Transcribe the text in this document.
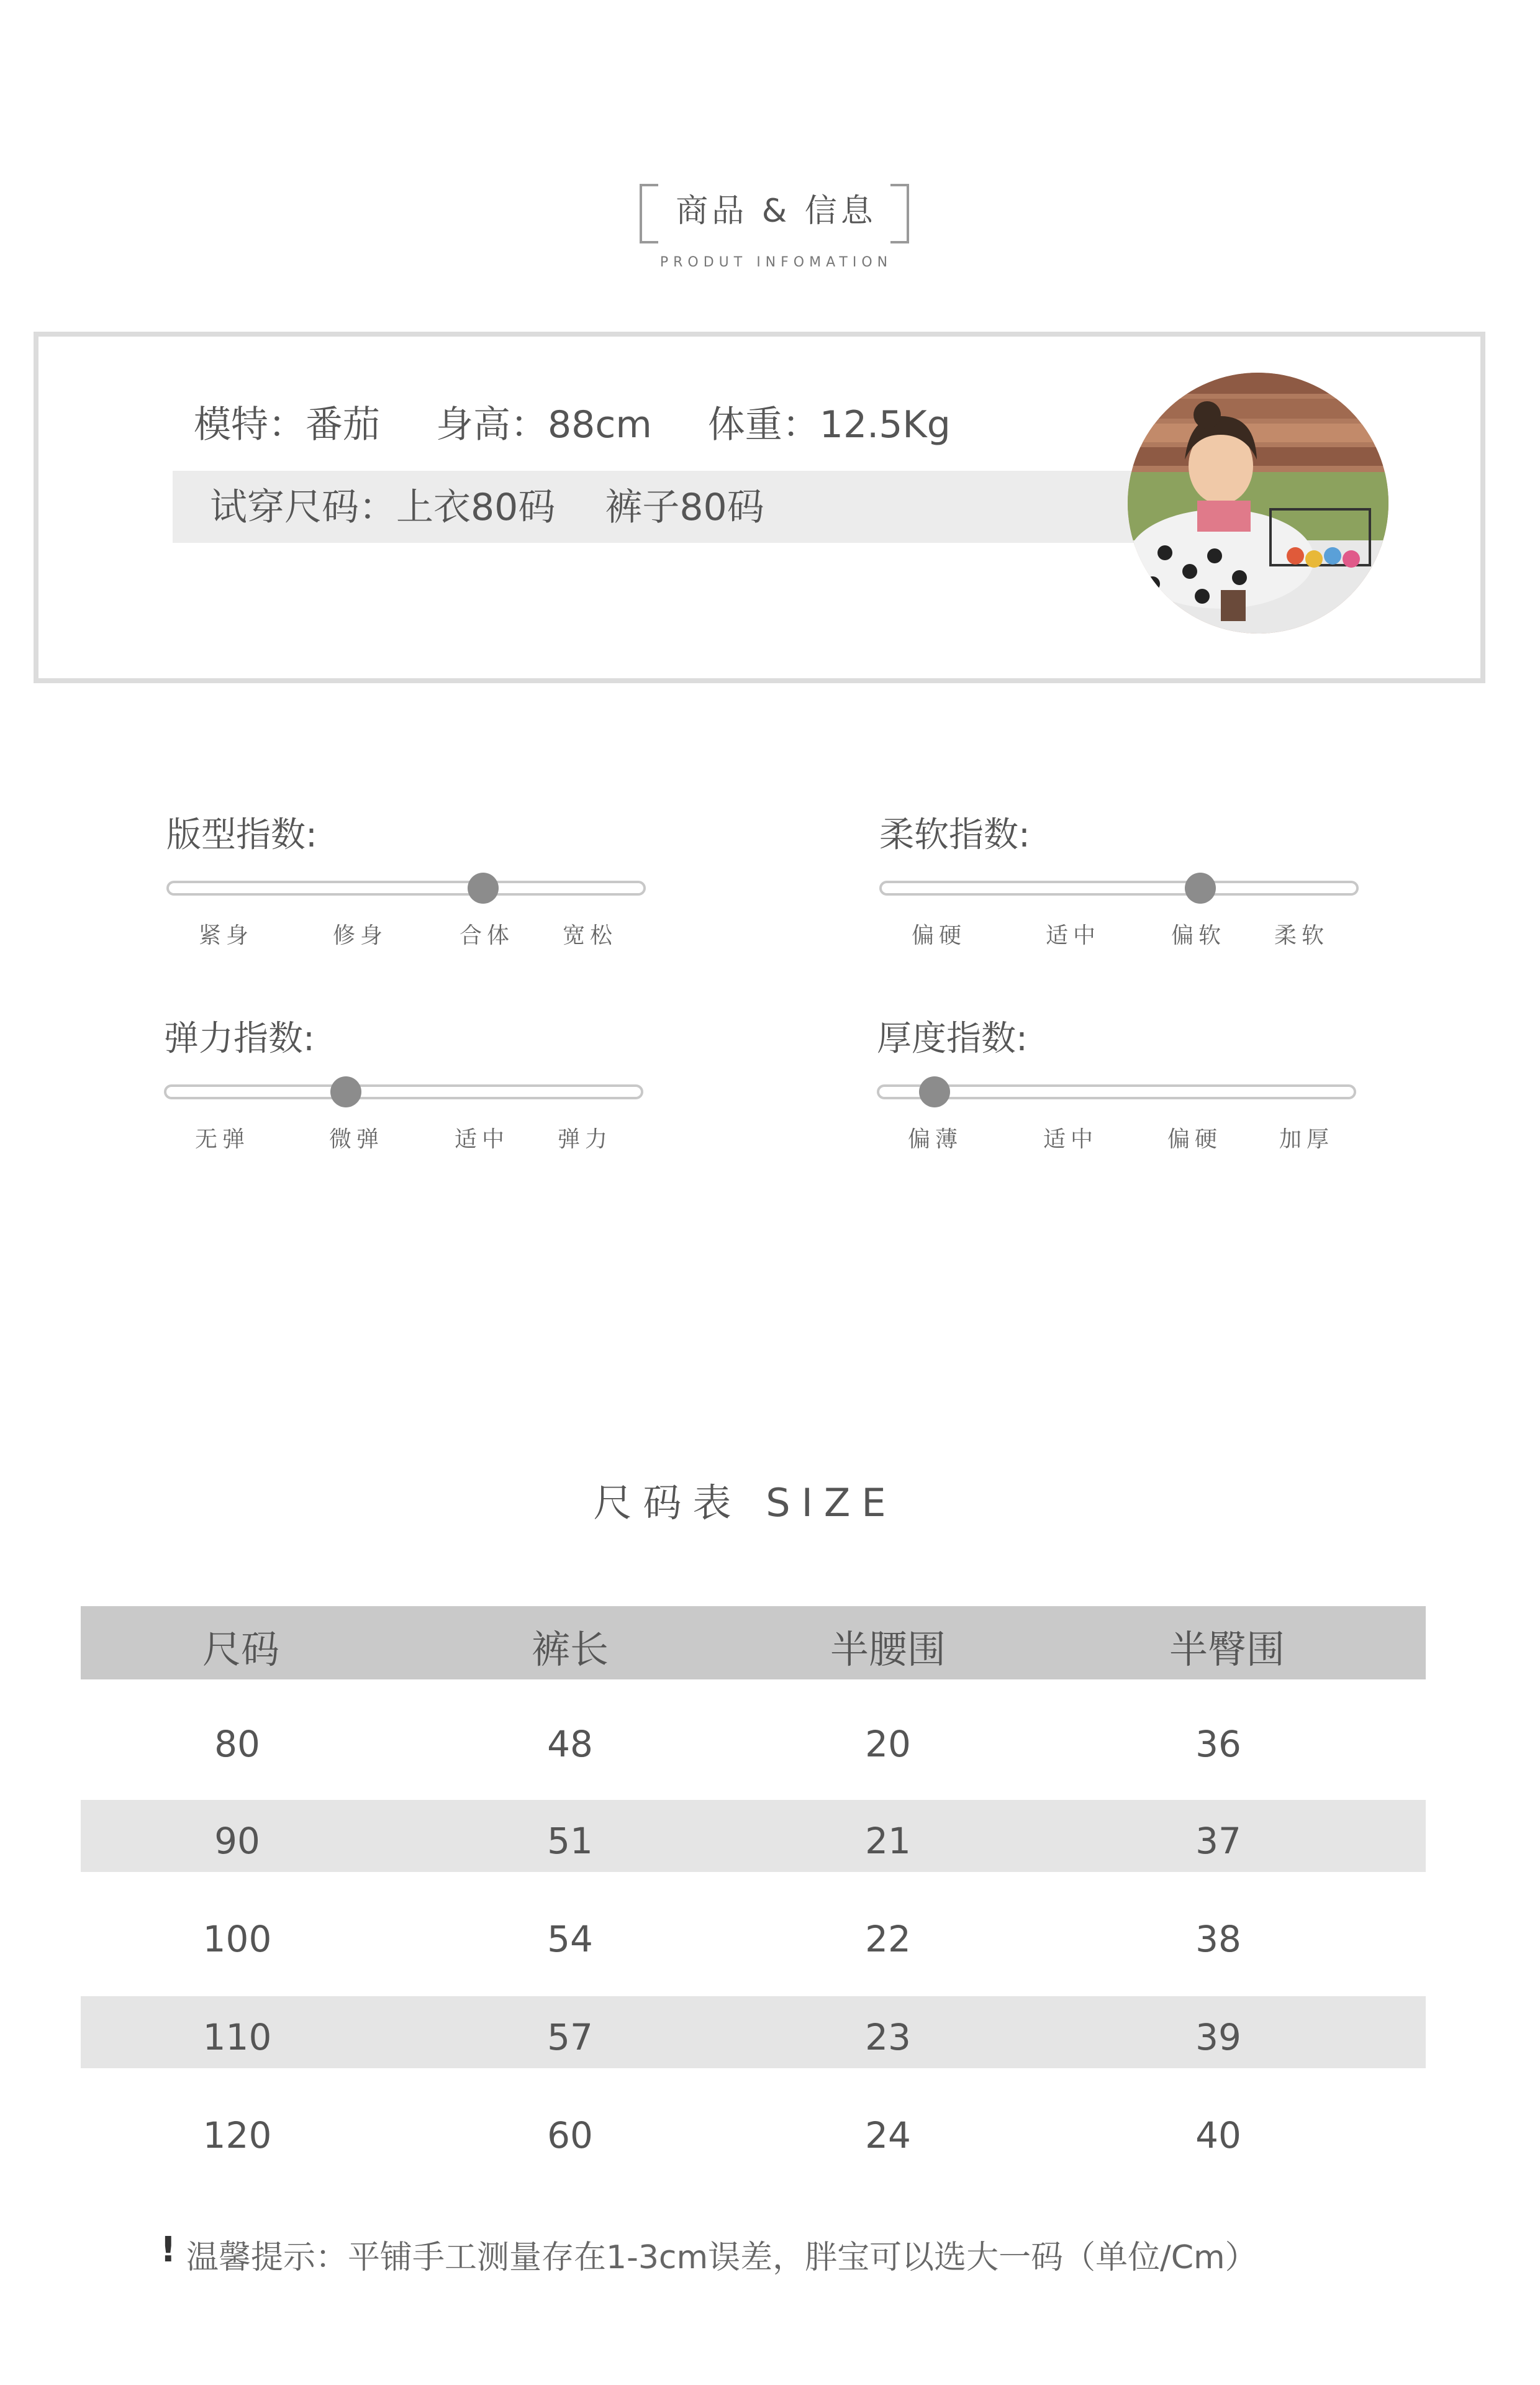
商品 & 信息
PRODUT INFOMATION
模特：番茄 身高：88cm 体重：12.5Kg
试穿尺码：上衣80码 裤子80码
版型指数:
紧身	修身	合体 宽松
柔软指数:
偏硬	适中	偏软 柔软
弹力指数:
无弹	微弹	适中 弹力
厚度指数:
偏薄	适中	偏硬	加厚
尺码表 SIZE
尺码	裤长	半腰围	半臀围
80	48	20	36
90	51	21	37
100	54	22	38
110	57	23	39
120	60	24	40
! 温馨提示：平铺手工测量存在1-3cm误差，胖宝可以选大一码（单位/Cm）
